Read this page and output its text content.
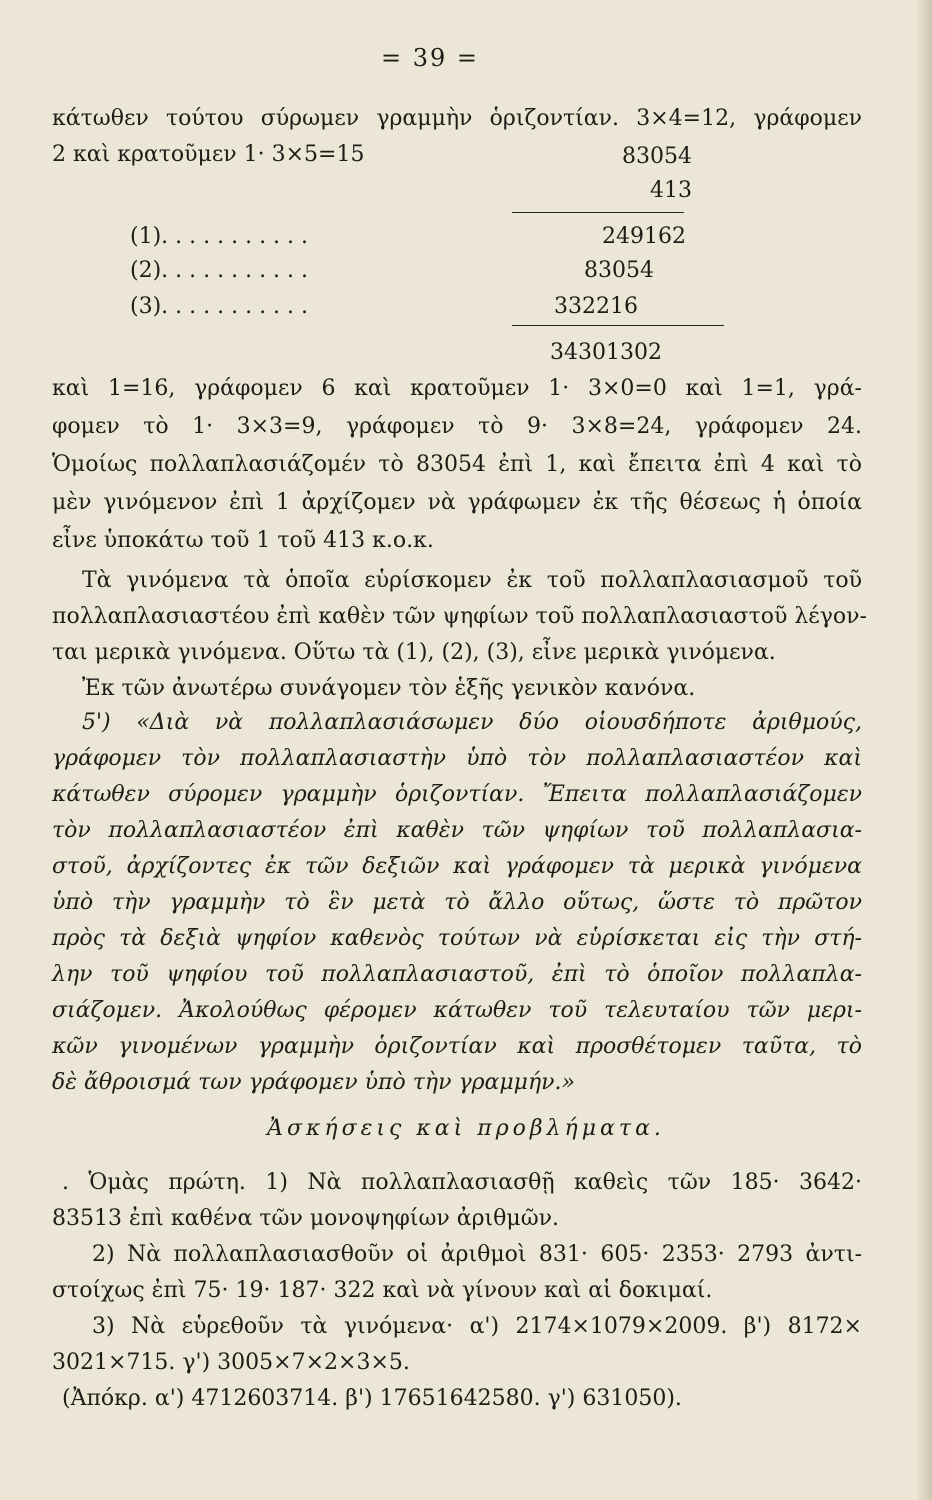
= 39 =
κάτωθεν τούτου σύρωμεν γραμμὴν ὁριζοντίαν. 3×4=12, γράφομεν
2 καὶ κρατοῦμεν 1· 3×5=15	83054
413
(1). . . . . . . . . . .	249162
(2). . . . . . . . . . .	83054
(3). . . . . . . . . . .	332216
34301302
καὶ 1=16, γράφομεν 6 καὶ κρατοῦμεν 1· 3×0=0 καὶ 1=1, γρά-
φομεν τὸ 1· 3×3=9, γράφομεν τὸ 9· 3×8=24, γράφομεν 24.
Ὁμοίως πολλαπλασιάζομέν τὸ 83054 ἐπὶ 1, καὶ ἔπειτα ἐπὶ 4 καὶ τὸ
μὲν γινόμενον ἐπὶ 1 ἀρχίζομεν νὰ γράφωμεν ἐκ τῆς θέσεως ἡ ὁποία
εἶνε ὑποκάτω τοῦ 1 τοῦ 413 κ.ο.κ.
Τὰ γινόμενα τὰ ὁποῖα εὑρίσκομεν ἐκ τοῦ πολλαπλασιασμοῦ τοῦ
πολλαπλασιαστέου ἐπὶ καθὲν τῶν ψηφίων τοῦ πολλαπλασιαστοῦ λέγον-
ται μερικὰ γινόμενα. Οὕτω τὰ (1), (2), (3), εἶνε μερικὰ γινόμενα.
Ἐκ τῶν ἀνωτέρω συνάγομεν τὸν ἑξῆς γενικὸν κανόνα.
5') «Διὰ νὰ πολλαπλασιάσωμεν δύο οἱουσδήποτε ἀριθμούς,
γράφομεν τὸν πολλαπλασιαστὴν ὑπὸ τὸν πολλαπλασιαστέον καὶ
κάτωθεν σύρομεν γραμμὴν ὁριζοντίαν. Ἔπειτα πολλαπλασιάζομεν
τὸν πολλαπλασιαστέον ἐπὶ καθὲν τῶν ψηφίων τοῦ πολλαπλασια-
στοῦ, ἀρχίζοντες ἐκ τῶν δεξιῶν καὶ γράφομεν τὰ μερικὰ γινόμενα
ὑπὸ τὴν γραμμὴν τὸ ἓν μετὰ τὸ ἄλλο οὕτως, ὥστε τὸ πρῶτον
πρὸς τὰ δεξιὰ ψηφίον καθενὸς τούτων νὰ εὑρίσκεται εἰς τὴν στή-
λην τοῦ ψηφίου τοῦ πολλαπλασιαστοῦ, ἐπὶ τὸ ὁποῖον πολλαπλα-
σιάζομεν. Ἀκολούθως φέρομεν κάτωθεν τοῦ τελευταίου τῶν μερι-
κῶν γινομένων γραμμὴν ὁριζοντίαν καὶ προσθέτομεν ταῦτα, τὸ
δὲ ἄθροισμά των γράφομεν ὑπὸ τὴν γραμμήν.»
Ἀσκήσεις καὶ προβλήματα.
. Ὁμὰς πρώτη. 1) Νὰ πολλαπλασιασθῇ καθεὶς τῶν 185· 3642·
83513 ἐπὶ καθένα τῶν μονοψηφίων ἀριθμῶν.
2) Νὰ πολλαπλασιασθοῦν οἱ ἀριθμοὶ 831· 605· 2353· 2793 ἀντι-
στοίχως ἐπὶ 75· 19· 187· 322 καὶ νὰ γίνουν καὶ αἱ δοκιμαί.
3) Νὰ εὑρεθοῦν τὰ γινόμενα· α') 2174×1079×2009. β') 8172×
3021×715. γ') 3005×7×2×3×5.
(Ἀπόκρ. α') 4712603714. β') 17651642580. γ') 631050).
